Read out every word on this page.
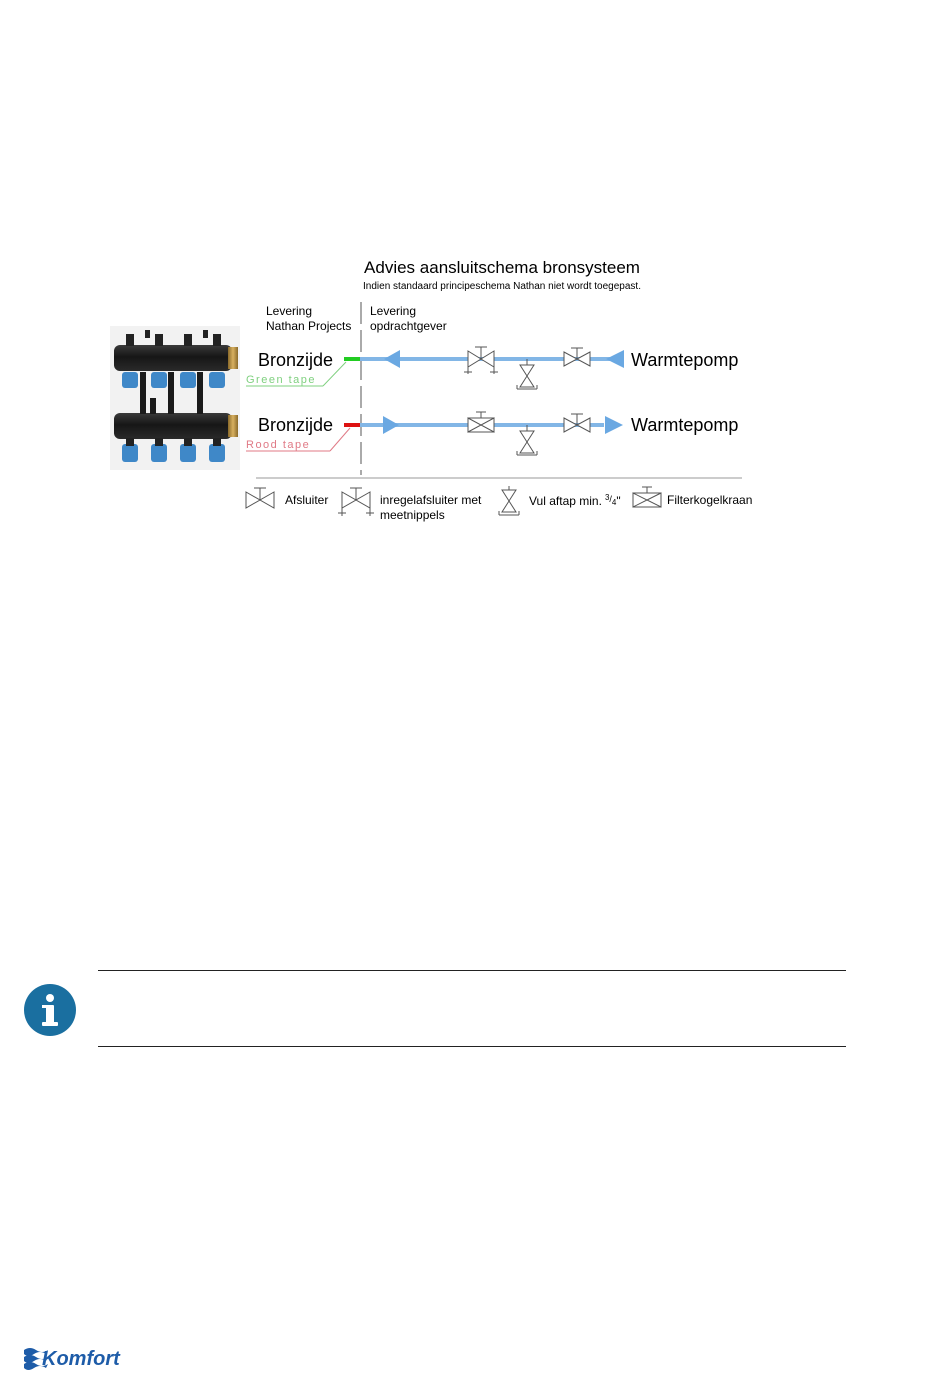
Advies aansluitschema bronsysteem
Indien standaard principeschema Nathan niet wordt toegepast.
Levering
Nathan Projects
Levering
opdrachtgever
Bronzijde	Warmtepomp
Bronzijde	Warmtepomp
Green tape
Rood tape
Afsluiter	inregelafsluiter met
meetnippels
Vul aftap min. $^3/_4$"	Filterkogelkraan
Komfort
